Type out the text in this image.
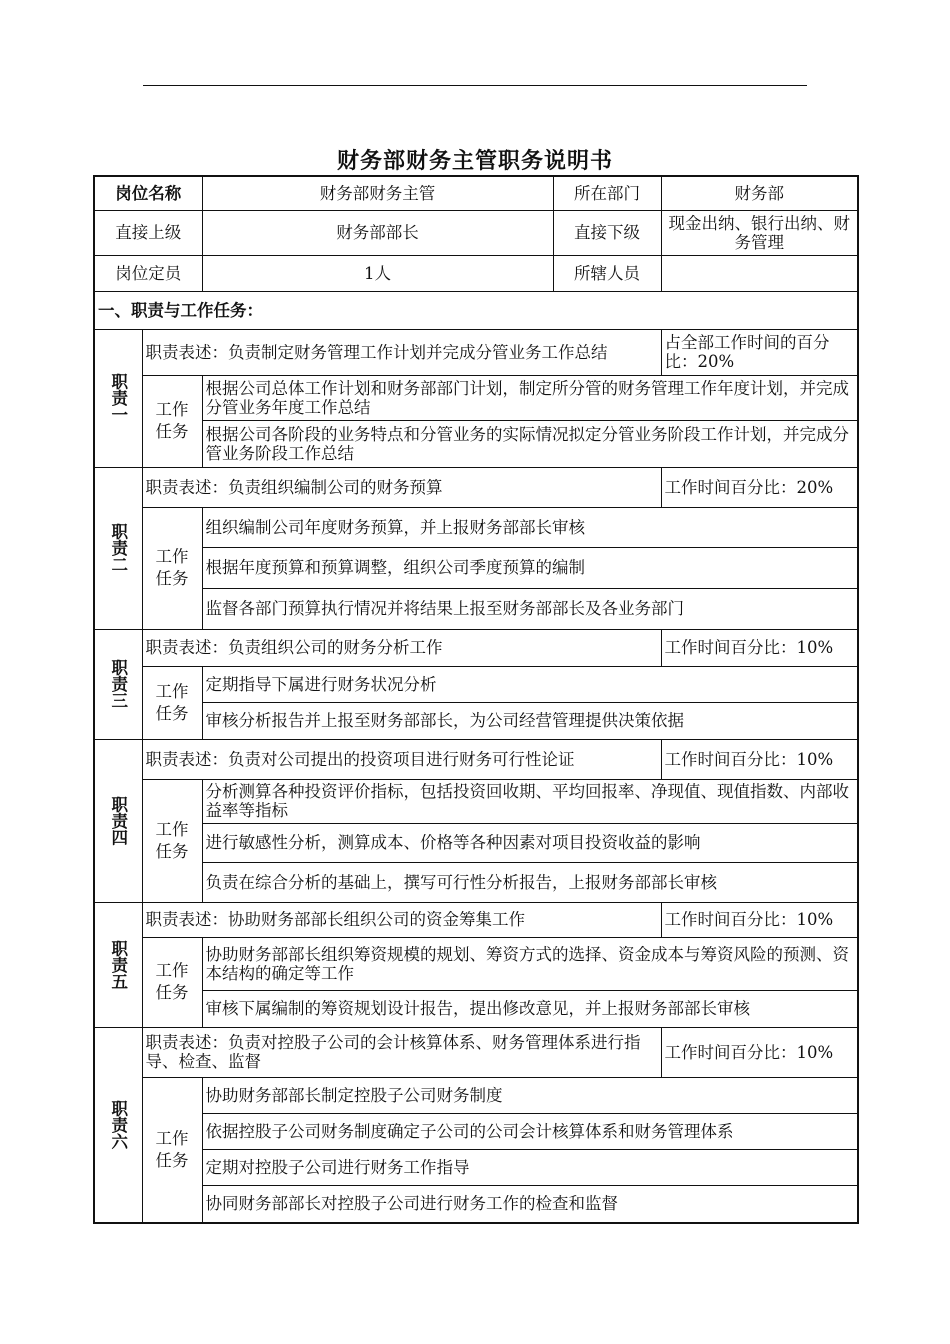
财务部财务主管职务说明书
岗位名称		财务部财务主管	所在部门	财务部
直接上级		财务部部长	直接下级	现金出纳、银行出纳、财务管理
岗位定员		1人	所辖人员	
一、职责与工作任务：				
职责一	职责表述：负责制定财务管理工作计划并完成分管业务工作总结			占全部工作时间的百分比：20%
	工作任务	根据公司总体工作计划和财务部部门计划，制定所分管的财务管理工作年度计划，并完成分管业务年度工作总结		
		根据公司各阶段的业务特点和分管业务的实际情况拟定分管业务阶段工作计划，并完成分管业务阶段工作总结		
职责二	职责表述：负责组织编制公司的财务预算			工作时间百分比：20%
	工作任务	组织编制公司年度财务预算，并上报财务部部长审核		
		根据年度预算和预算调整，组织公司季度预算的编制		
		监督各部门预算执行情况并将结果上报至财务部部长及各业务部门		
职责三	职责表述：负责组织公司的财务分析工作			工作时间百分比：10%
	工作任务	定期指导下属进行财务状况分析		
		审核分析报告并上报至财务部部长，为公司经营管理提供决策依据		
职责四	职责表述：负责对公司提出的投资项目进行财务可行性论证			工作时间百分比：10%
	工作任务	分析测算各种投资评价指标，包括投资回收期、平均回报率、净现值、现值指数、内部收益率等指标		
		进行敏感性分析，测算成本、价格等各种因素对项目投资收益的影响		
		负责在综合分析的基础上，撰写可行性分析报告，上报财务部部长审核		
职责五	职责表述：协助财务部部长组织公司的资金筹集工作			工作时间百分比：10%
	工作任务	协助财务部部长组织筹资规模的规划、筹资方式的选择、资金成本与筹资风险的预测、资本结构的确定等工作		
		审核下属编制的筹资规划设计报告，提出修改意见，并上报财务部部长审核		
职责六	职责表述：负责对控股子公司的会计核算体系、财务管理体系进行指导、检查、监督			工作时间百分比：10%
	工作任务	协助财务部部长制定控股子公司财务制度		
		依据控股子公司财务制度确定子公司的公司会计核算体系和财务管理体系		
		定期对控股子公司进行财务工作指导		
		协同财务部部长对控股子公司进行财务工作的检查和监督		
